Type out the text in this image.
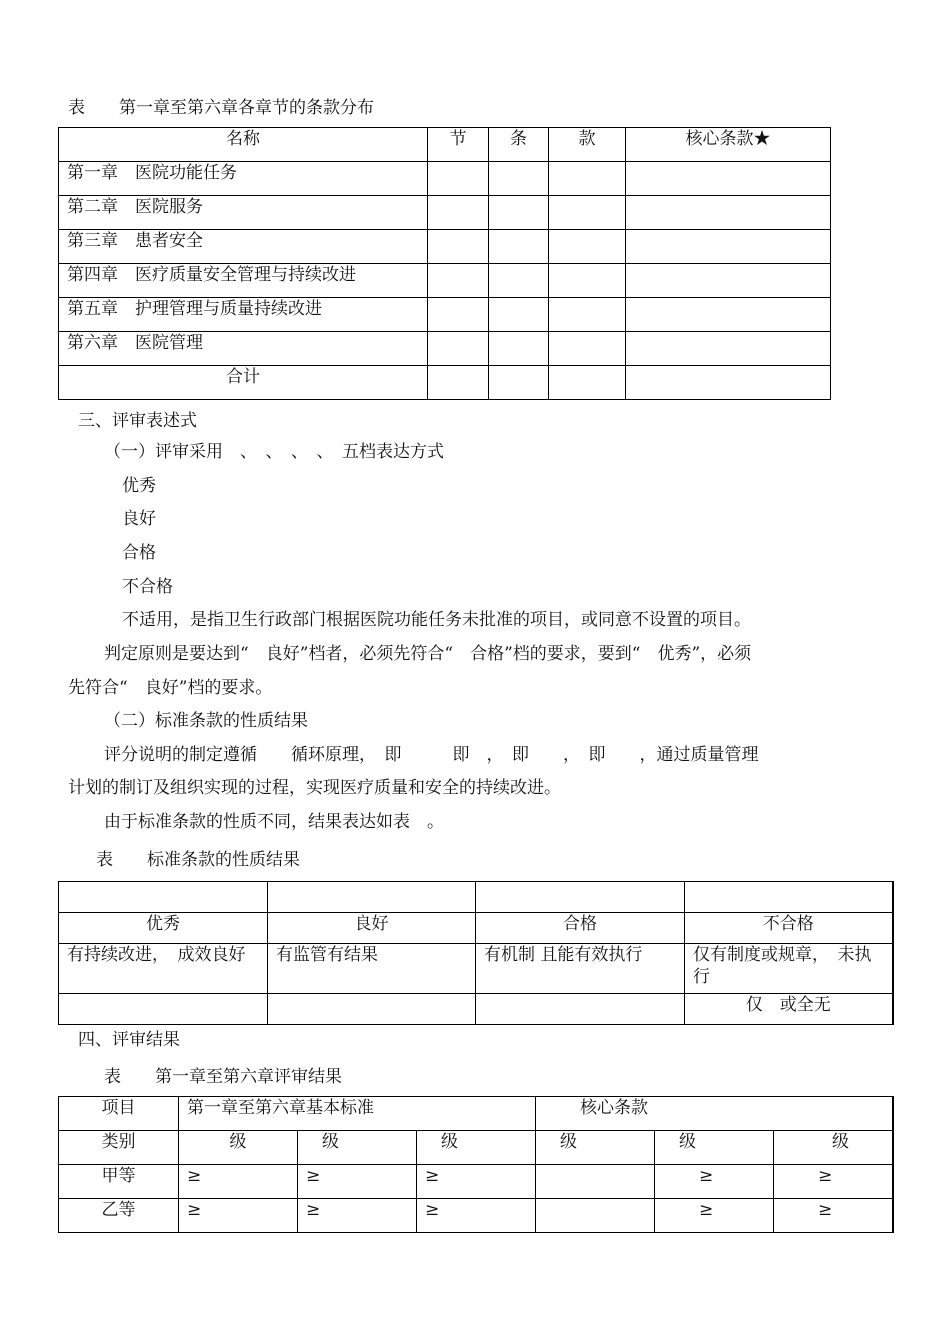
表　　第一章至第六章各章节的条款分布
名称	节	条	款	核心条款★
第一章　医院功能任务				
第二章　医院服务				
第三章　患者安全				
第四章　医疗质量安全管理与持续改进				
第五章　护理管理与质量持续改进				
第六章　医院管理				
合计				
三、评审表述式
（一）评审采用　、　、　、　、　五档表达方式
优秀
良好
合格
不合格
不适用，是指卫生行政部门根据医院功能任务未批准的项目，或同意不设置的项目。
判定原则是要达到“　良好”档者，必须先符合“　合格”档的要求，要到“　优秀”，必须
先符合“　良好”档的要求。
（二）标准条款的性质结果
评分说明的制定遵循　　循环原理，　即　　　即　，　即　　，　即　　，通过质量管理
计划的制订及组织实现的过程，实现医疗质量和安全的持续改进。
由于标准条款的性质不同，结果表达如表　。
表　　标准条款的性质结果

优秀	良好	合格	不合格
有持续改进，　成效良好	有监管有结果	有机制 且能有效执行	仅有制度或规章，　未执行
			仅　或全无
四、评审结果
表　　第一章至第六章评审结果
项目	第一章至第六章基本标准			核心条款		
类别	级	级	级	级	级	级
甲等	≥	≥	≥		≥	≥
乙等	≥	≥	≥		≥	≥
